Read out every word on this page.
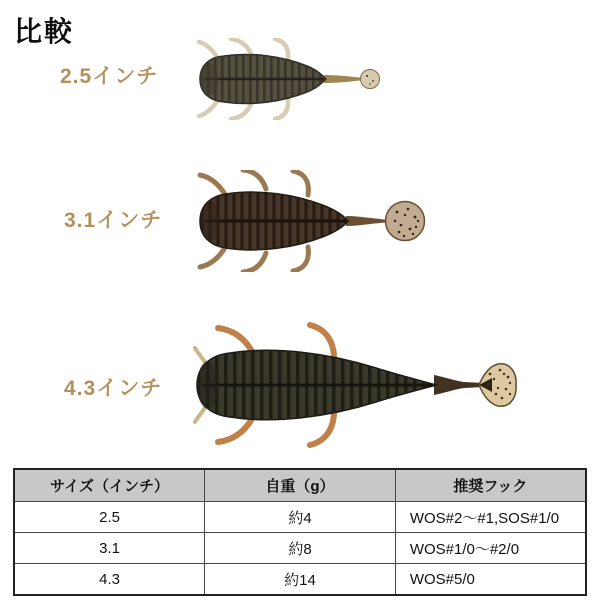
比較
2.5インチ
3.1インチ
4.3インチ
サイズ（インチ）	自重（g）	推奨フック
2.5	約4	WOS#2～#1,SOS#1/0
3.1	約8	WOS#1/0～#2/0
4.3	約14	WOS#5/0
